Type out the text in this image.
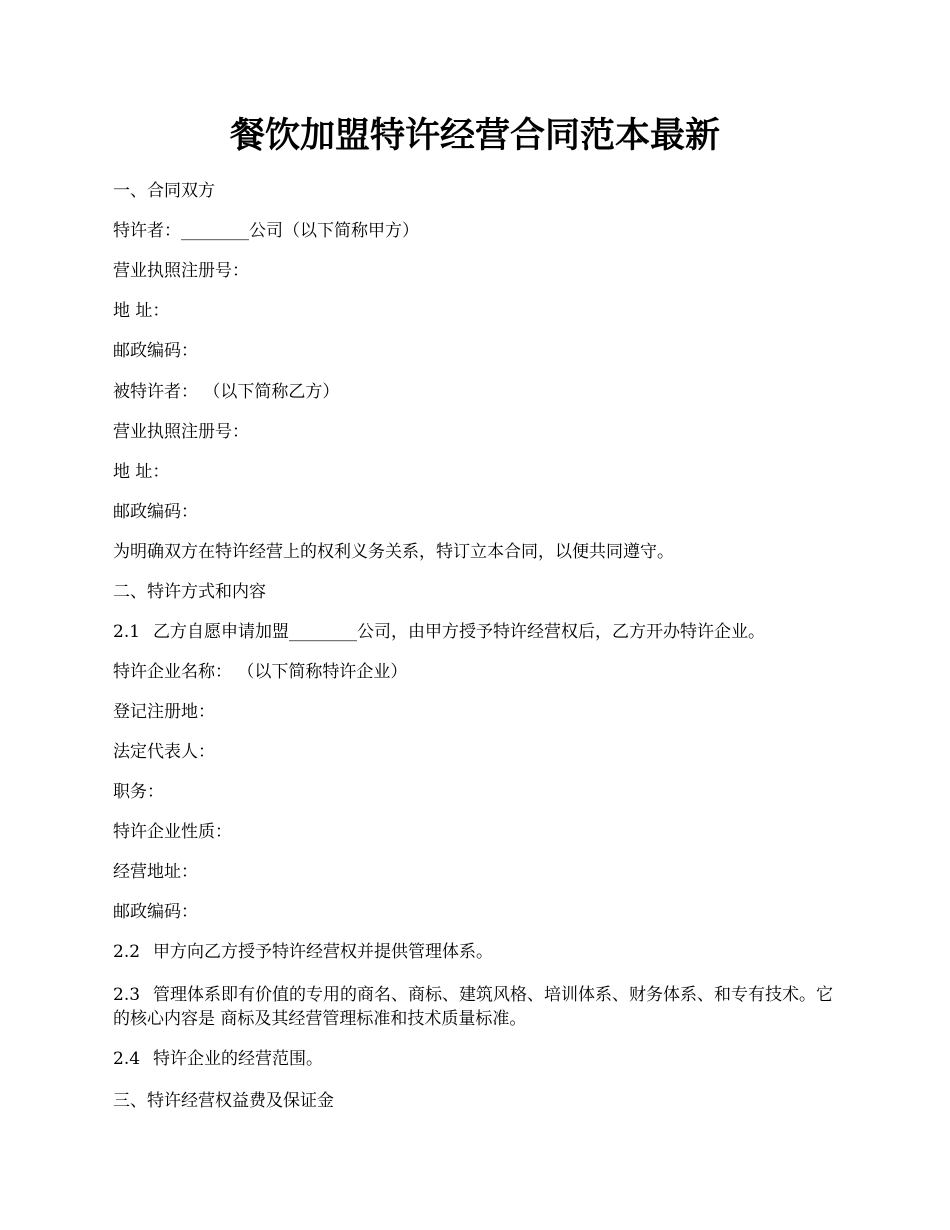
餐饮加盟特许经营合同范本最新
一、合同双方
特许者：________公司（以下简称甲方）
营业执照注册号：
地 址：
邮政编码：
被特许者： （以下简称乙方）
营业执照注册号：
地 址：
邮政编码：
为明确双方在特许经营上的权利义务关系，特订立本合同，以便共同遵守。
二、特许方式和内容
2.1 乙方自愿申请加盟________公司，由甲方授予特许经营权后，乙方开办特许企业。
特许企业名称： （以下简称特许企业）
登记注册地：
法定代表人：
职务：
特许企业性质：
经营地址：
邮政编码：
2.2 甲方向乙方授予特许经营权并提供管理体系。
2.3 管理体系即有价值的专用的商名、商标、建筑风格、培训体系、财务体系、和专有技术。它的核心内容是 商标及其经营管理标准和技术质量标准。
2.4 特许企业的经营范围。
三、特许经营权益费及保证金
